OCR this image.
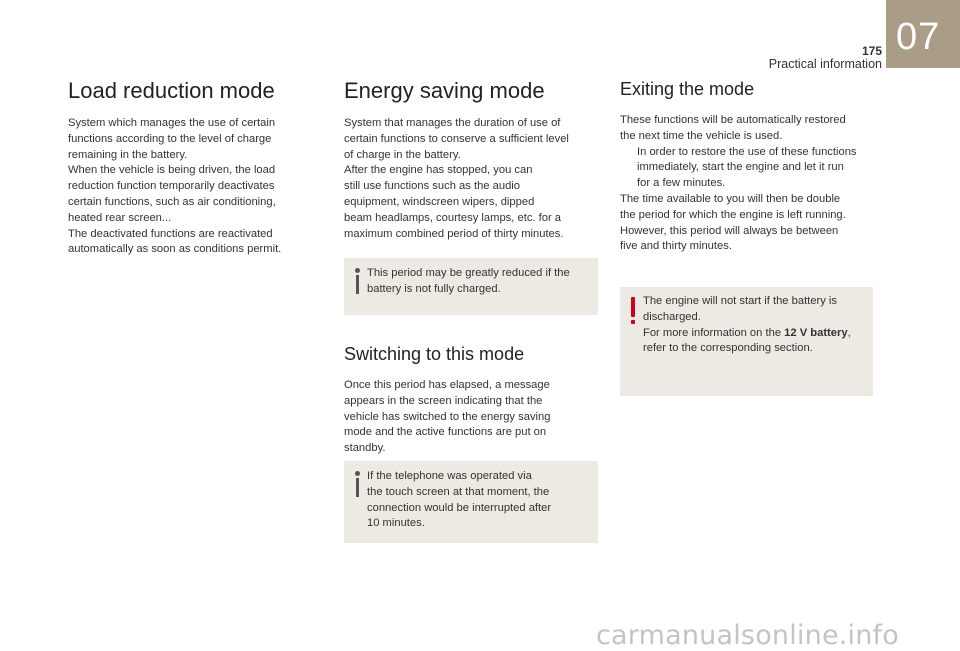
175
Practical information
07
Load reduction mode

System which manages the use of certain

functions according to the level of charge

remaining in the battery.

When the vehicle is being driven, the load

reduction function temporarily deactivates

certain functions, such as air conditioning,

heated rear screen...

The deactivated functions are reactivated

automatically as soon as conditions permit.

Energy saving mode

System that manages the duration of use of

certain functions to conserve a sufficient level

of charge in the battery.

After the engine has stopped, you can

still use functions such as the audio

equipment, windscreen wipers, dipped

beam headlamps, courtesy lamps, etc. for a

maximum combined period of thirty minutes.

This period may be greatly reduced if the
battery is not fully charged.
Switching to this mode

Once this period has elapsed, a message

appears in the screen indicating that the

vehicle has switched to the energy saving

mode and the active functions are put on

standby.

If the telephone was operated via
the touch screen at that moment, the
connection would be interrupted after
10 minutes.
Exiting the mode

These functions will be automatically restored

the next time the vehicle is used.

In order to restore the use of these functions

immediately, start the engine and let it run

for a few minutes.

The time available to you will then be double

the period for which the engine is left running.

However, this period will always be between

five and thirty minutes.

The engine will not start if the battery is
discharged.
For more information on the 12 V battery,
refer to the corresponding section.
carmanualsonline.info
